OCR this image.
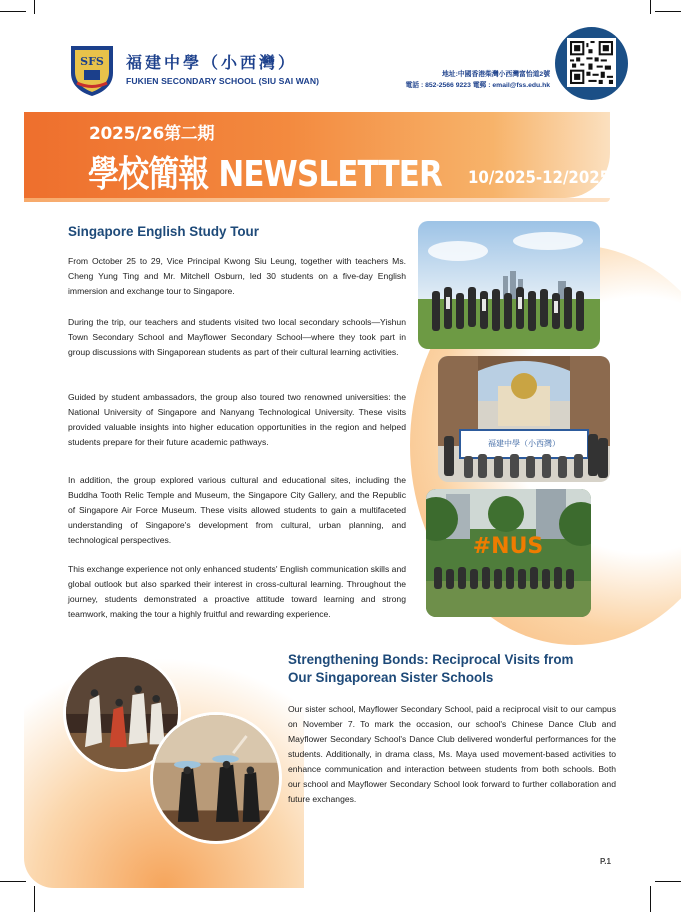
SFS 福建中學（小西灣）
FUKIEN SECONDARY SCHOOL (SIU SAI WAN)
地址:中國香港柴灣小西灣富怡道2號
電話 : 852-2566 9223 電郵 : email@fss.edu.hk
2025/26第二期
學校簡報 NEWSLETTER 10/2025-12/2025
Singapore English Study Tour
From October 25 to 29, Vice Principal Kwong Siu Leung, together with teachers Ms. Cheng Yung Ting and Mr. Mitchell Osburn, led 30 students on a five-day English immersion and exchange tour to Singapore.
During the trip, our teachers and students visited two local secondary schools—Yishun Town Secondary School and Mayflower Secondary School—where they took part in group discussions with Singaporean students as part of their cultural learning activities.
Guided by student ambassadors, the group also toured two renowned universities: the National University of Singapore and Nanyang Technological University. These visits provided valuable insights into higher education opportunities in the region and helped students prepare for their future academic pathways.
In addition, the group explored various cultural and educational sites, including the Buddha Tooth Relic Temple and Museum, the Singapore City Gallery, and the Republic of Singapore Air Force Museum. These visits allowed students to gain a multifaceted understanding of Singapore's development from cultural, urban planning, and technological perspectives.
This exchange experience not only enhanced students' English communication skills and global outlook but also sparked their interest in cross-cultural learning. Throughout the journey, students demonstrated a proactive attitude toward learning and strong teamwork, making the tour a highly fruitful and rewarding experience.
福建中學（小西灣）
#NUS
Strengthening Bonds: Reciprocal Visits from
Our Singaporean Sister Schools
Our sister school, Mayflower Secondary School, paid a reciprocal visit to our campus on November 7. To mark the occasion, our school's Chinese Dance Club and Mayflower Secondary School's Dance Club delivered wonderful performances for the students. Additionally, in drama class, Ms. Maya used movement-based activities to enhance communication and interaction between students from both schools. Both our school and Mayflower Secondary School look forward to further collaboration and future exchanges.
P.1
